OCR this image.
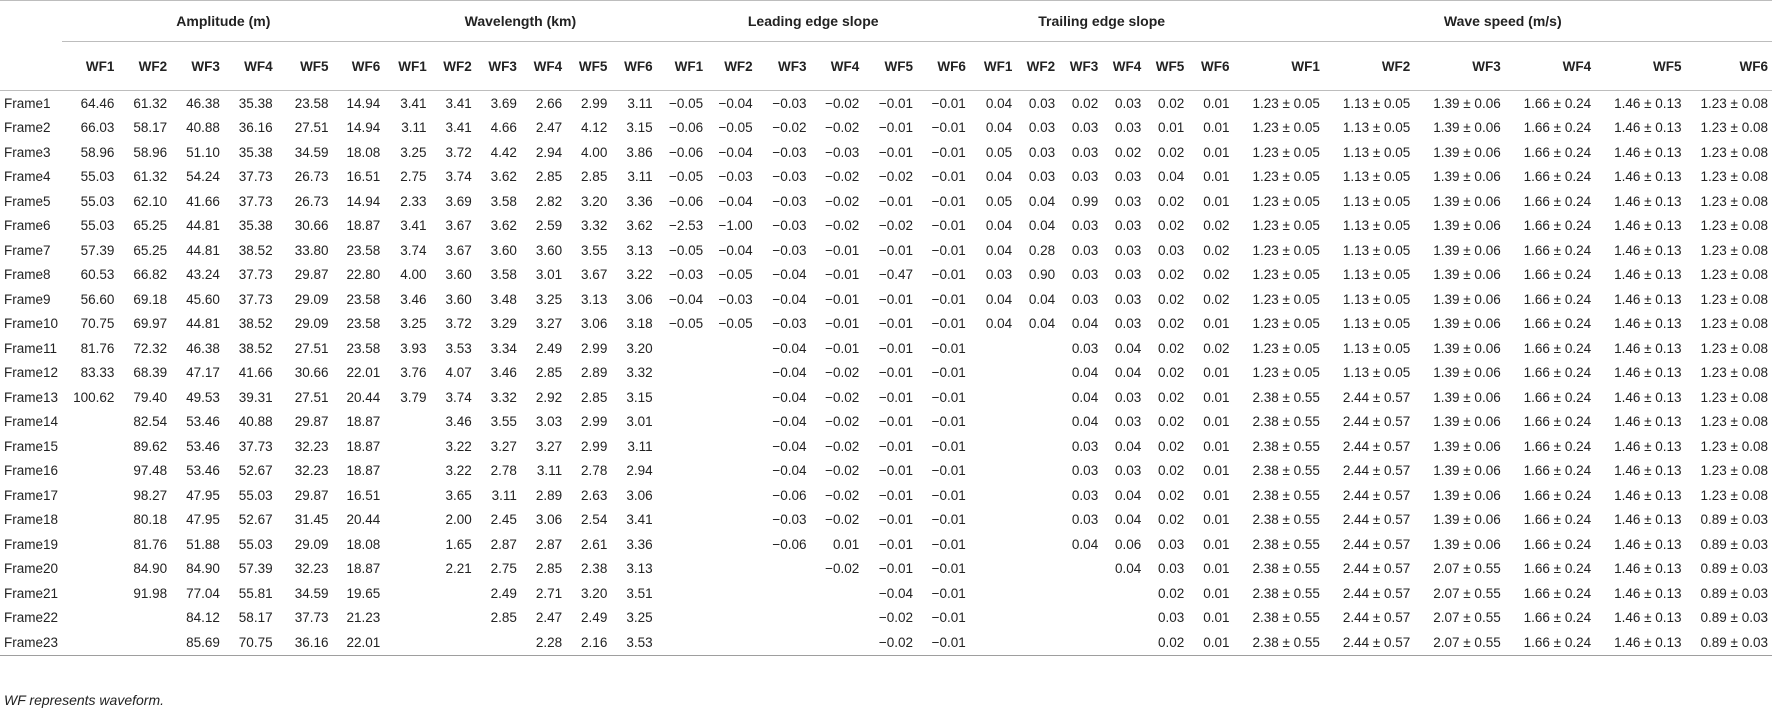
	Amplitude (m)						Wavelength (km)						Leading edge slope						Trailing edge slope						Wave speed (m/s)					
	WF1	WF2	WF3	WF4	WF5	WF6	WF1	WF2	WF3	WF4	WF5	WF6	WF1	WF2	WF3	WF4	WF5	WF6	WF1	WF2	WF3	WF4	WF5	WF6	WF1	WF2	WF3	WF4	WF5	WF6
Frame1	64.46	61.32	46.38	35.38	23.58	14.94	3.41	3.41	3.69	2.66	2.99	3.11	−0.05	−0.04	−0.03	−0.02	−0.01	−0.01	0.04	0.03	0.02	0.03	0.02	0.01	1.23 ± 0.05	1.13 ± 0.05	1.39 ± 0.06	1.66 ± 0.24	1.46 ± 0.13	1.23 ± 0.08
Frame2	66.03	58.17	40.88	36.16	27.51	14.94	3.11	3.41	4.66	2.47	4.12	3.15	−0.06	−0.05	−0.02	−0.02	−0.01	−0.01	0.04	0.03	0.03	0.03	0.01	0.01	1.23 ± 0.05	1.13 ± 0.05	1.39 ± 0.06	1.66 ± 0.24	1.46 ± 0.13	1.23 ± 0.08
Frame3	58.96	58.96	51.10	35.38	34.59	18.08	3.25	3.72	4.42	2.94	4.00	3.86	−0.06	−0.04	−0.03	−0.03	−0.01	−0.01	0.05	0.03	0.03	0.02	0.02	0.01	1.23 ± 0.05	1.13 ± 0.05	1.39 ± 0.06	1.66 ± 0.24	1.46 ± 0.13	1.23 ± 0.08
Frame4	55.03	61.32	54.24	37.73	26.73	16.51	2.75	3.74	3.62	2.85	2.85	3.11	−0.05	−0.03	−0.03	−0.02	−0.02	−0.01	0.04	0.03	0.03	0.03	0.04	0.01	1.23 ± 0.05	1.13 ± 0.05	1.39 ± 0.06	1.66 ± 0.24	1.46 ± 0.13	1.23 ± 0.08
Frame5	55.03	62.10	41.66	37.73	26.73	14.94	2.33	3.69	3.58	2.82	3.20	3.36	−0.06	−0.04	−0.03	−0.02	−0.01	−0.01	0.05	0.04	0.99	0.03	0.02	0.01	1.23 ± 0.05	1.13 ± 0.05	1.39 ± 0.06	1.66 ± 0.24	1.46 ± 0.13	1.23 ± 0.08
Frame6	55.03	65.25	44.81	35.38	30.66	18.87	3.41	3.67	3.62	2.59	3.32	3.62	−2.53	−1.00	−0.03	−0.02	−0.02	−0.01	0.04	0.04	0.03	0.03	0.02	0.02	1.23 ± 0.05	1.13 ± 0.05	1.39 ± 0.06	1.66 ± 0.24	1.46 ± 0.13	1.23 ± 0.08
Frame7	57.39	65.25	44.81	38.52	33.80	23.58	3.74	3.67	3.60	3.60	3.55	3.13	−0.05	−0.04	−0.03	−0.01	−0.01	−0.01	0.04	0.28	0.03	0.03	0.03	0.02	1.23 ± 0.05	1.13 ± 0.05	1.39 ± 0.06	1.66 ± 0.24	1.46 ± 0.13	1.23 ± 0.08
Frame8	60.53	66.82	43.24	37.73	29.87	22.80	4.00	3.60	3.58	3.01	3.67	3.22	−0.03	−0.05	−0.04	−0.01	−0.47	−0.01	0.03	0.90	0.03	0.03	0.02	0.02	1.23 ± 0.05	1.13 ± 0.05	1.39 ± 0.06	1.66 ± 0.24	1.46 ± 0.13	1.23 ± 0.08
Frame9	56.60	69.18	45.60	37.73	29.09	23.58	3.46	3.60	3.48	3.25	3.13	3.06	−0.04	−0.03	−0.04	−0.01	−0.01	−0.01	0.04	0.04	0.03	0.03	0.02	0.02	1.23 ± 0.05	1.13 ± 0.05	1.39 ± 0.06	1.66 ± 0.24	1.46 ± 0.13	1.23 ± 0.08
Frame10	70.75	69.97	44.81	38.52	29.09	23.58	3.25	3.72	3.29	3.27	3.06	3.18	−0.05	−0.05	−0.03	−0.01	−0.01	−0.01	0.04	0.04	0.04	0.03	0.02	0.01	1.23 ± 0.05	1.13 ± 0.05	1.39 ± 0.06	1.66 ± 0.24	1.46 ± 0.13	1.23 ± 0.08
Frame11	81.76	72.32	46.38	38.52	27.51	23.58	3.93	3.53	3.34	2.49	2.99	3.20			−0.04	−0.01	−0.01	−0.01			0.03	0.04	0.02	0.02	1.23 ± 0.05	1.13 ± 0.05	1.39 ± 0.06	1.66 ± 0.24	1.46 ± 0.13	1.23 ± 0.08
Frame12	83.33	68.39	47.17	41.66	30.66	22.01	3.76	4.07	3.46	2.85	2.89	3.32			−0.04	−0.02	−0.01	−0.01			0.04	0.04	0.02	0.01	1.23 ± 0.05	1.13 ± 0.05	1.39 ± 0.06	1.66 ± 0.24	1.46 ± 0.13	1.23 ± 0.08
Frame13	100.62	79.40	49.53	39.31	27.51	20.44	3.79	3.74	3.32	2.92	2.85	3.15			−0.04	−0.02	−0.01	−0.01			0.04	0.03	0.02	0.01	2.38 ± 0.55	2.44 ± 0.57	1.39 ± 0.06	1.66 ± 0.24	1.46 ± 0.13	1.23 ± 0.08
Frame14		82.54	53.46	40.88	29.87	18.87		3.46	3.55	3.03	2.99	3.01			−0.04	−0.02	−0.01	−0.01			0.04	0.03	0.02	0.01	2.38 ± 0.55	2.44 ± 0.57	1.39 ± 0.06	1.66 ± 0.24	1.46 ± 0.13	1.23 ± 0.08
Frame15		89.62	53.46	37.73	32.23	18.87		3.22	3.27	3.27	2.99	3.11			−0.04	−0.02	−0.01	−0.01			0.03	0.04	0.02	0.01	2.38 ± 0.55	2.44 ± 0.57	1.39 ± 0.06	1.66 ± 0.24	1.46 ± 0.13	1.23 ± 0.08
Frame16		97.48	53.46	52.67	32.23	18.87		3.22	2.78	3.11	2.78	2.94			−0.04	−0.02	−0.01	−0.01			0.03	0.03	0.02	0.01	2.38 ± 0.55	2.44 ± 0.57	1.39 ± 0.06	1.66 ± 0.24	1.46 ± 0.13	1.23 ± 0.08
Frame17		98.27	47.95	55.03	29.87	16.51		3.65	3.11	2.89	2.63	3.06			−0.06	−0.02	−0.01	−0.01			0.03	0.04	0.02	0.01	2.38 ± 0.55	2.44 ± 0.57	1.39 ± 0.06	1.66 ± 0.24	1.46 ± 0.13	1.23 ± 0.08
Frame18		80.18	47.95	52.67	31.45	20.44		2.00	2.45	3.06	2.54	3.41			−0.03	−0.02	−0.01	−0.01			0.03	0.04	0.02	0.01	2.38 ± 0.55	2.44 ± 0.57	1.39 ± 0.06	1.66 ± 0.24	1.46 ± 0.13	0.89 ± 0.03
Frame19		81.76	51.88	55.03	29.09	18.08		1.65	2.87	2.87	2.61	3.36			−0.06	0.01	−0.01	−0.01			0.04	0.06	0.03	0.01	2.38 ± 0.55	2.44 ± 0.57	1.39 ± 0.06	1.66 ± 0.24	1.46 ± 0.13	0.89 ± 0.03
Frame20		84.90	84.90	57.39	32.23	18.87		2.21	2.75	2.85	2.38	3.13				−0.02	−0.01	−0.01				0.04	0.03	0.01	2.38 ± 0.55	2.44 ± 0.57	2.07 ± 0.55	1.66 ± 0.24	1.46 ± 0.13	0.89 ± 0.03
Frame21		91.98	77.04	55.81	34.59	19.65			2.49	2.71	3.20	3.51					−0.04	−0.01					0.02	0.01	2.38 ± 0.55	2.44 ± 0.57	2.07 ± 0.55	1.66 ± 0.24	1.46 ± 0.13	0.89 ± 0.03
Frame22			84.12	58.17	37.73	21.23			2.85	2.47	2.49	3.25					−0.02	−0.01					0.03	0.01	2.38 ± 0.55	2.44 ± 0.57	2.07 ± 0.55	1.66 ± 0.24	1.46 ± 0.13	0.89 ± 0.03
Frame23			85.69	70.75	36.16	22.01				2.28	2.16	3.53					−0.02	−0.01					0.02	0.01	2.38 ± 0.55	2.44 ± 0.57	2.07 ± 0.55	1.66 ± 0.24	1.46 ± 0.13	0.89 ± 0.03
WF represents waveform.
